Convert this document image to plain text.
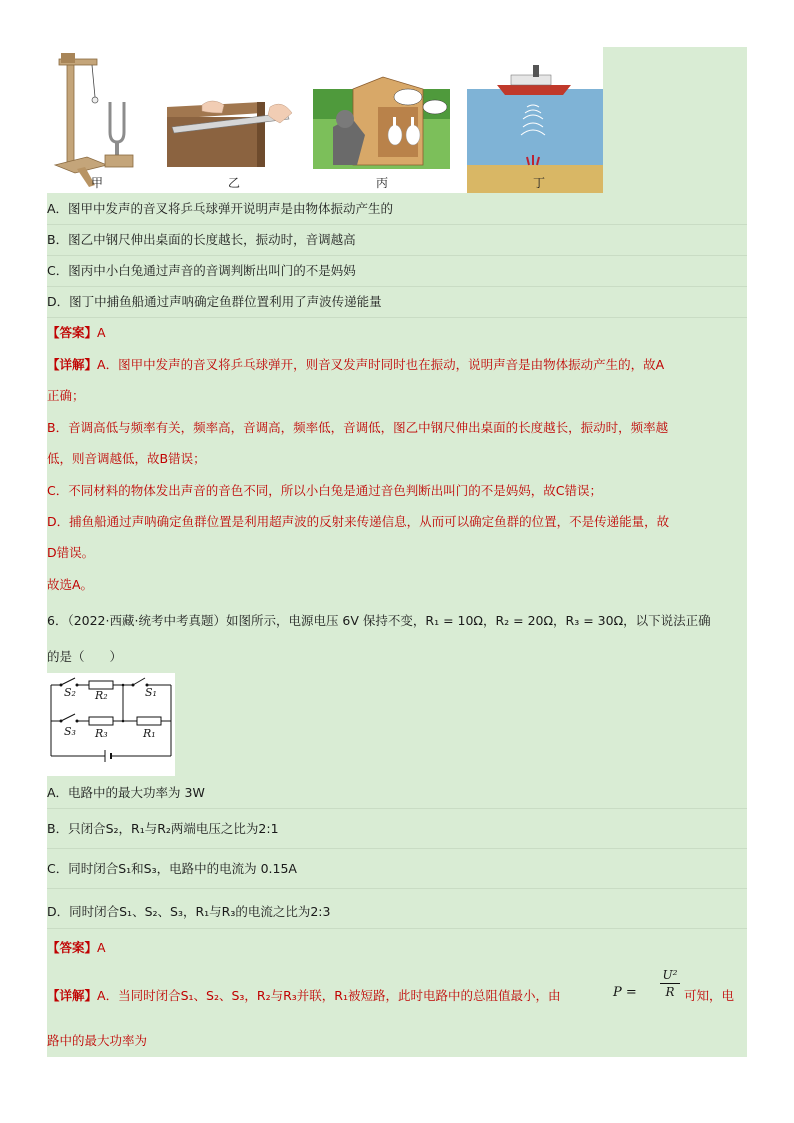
甲	乙	丙	丁
A．图甲中发声的音叉将乒乓球弹开说明声是由物体振动产生的
B．图乙中钢尺伸出桌面的长度越长，振动时，音调越高
C．图丙中小白兔通过声音的音调判断出叫门的不是妈妈
D．图丁中捕鱼船通过声呐确定鱼群位置利用了声波传递能量
【答案】A
【详解】A．图甲中发声的音叉将乒乓球弹开，则音叉发声时同时也在振动，说明声音是由物体振动产生的，故A
正确；
B．音调高低与频率有关，频率高，音调高，频率低，音调低，图乙中钢尺伸出桌面的长度越长，振动时，频率越
低，则音调越低，故B错误；
C．不同材料的物体发出声音的音色不同，所以小白兔是通过音色判断出叫门的不是妈妈，故C错误；
D．捕鱼船通过声呐确定鱼群位置是利用超声波的反射来传递信息，从而可以确定鱼群的位置，不是传递能量，故
D错误。
故选A。
6．（2022·西藏·统考中考真题）如图所示，电源电压 6V 保持不变，R₁ = 10Ω，R₂ = 20Ω，R₃ = 30Ω，以下说法正确
的是（　　）
S₂ R₂	S₁
S₃ R₃	R₁
A．电路中的最大功率为 3W
B．只闭合S₂，R₁与R₂两端电压之比为2:1
C．同时闭合S₁和S₃，电路中的电流为 0.15A
D．同时闭合S₁、S₂、S₃，R₁与R₃的电流之比为2:3
【答案】A
【详解】A．当同时闭合S₁、S₂、S₃，R₂与R₃并联，R₁被短路，此时电路中的总阻值最小，由	P =
U²
R 可知，电
路中的最大功率为
